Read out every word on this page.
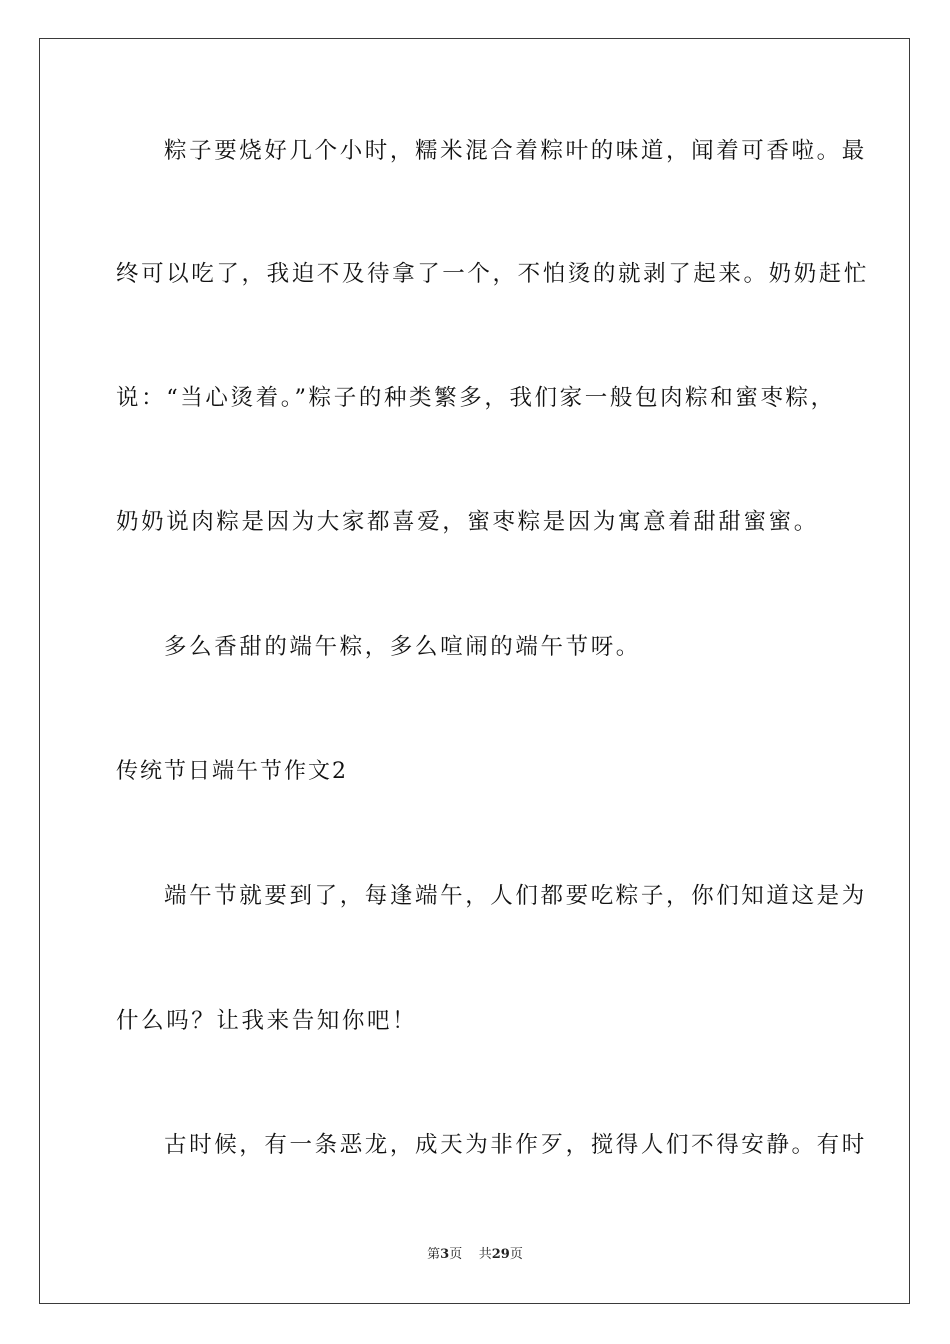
粽子要烧好几个小时，糯米混合着粽叶的味道，闻着可香啦。最
终可以吃了，我迫不及待拿了一个，不怕烫的就剥了起来。奶奶赶忙
说：“当心烫着。”粽子的种类繁多，我们家一般包肉粽和蜜枣粽，
奶奶说肉粽是因为大家都喜爱，蜜枣粽是因为寓意着甜甜蜜蜜。
多么香甜的端午粽，多么喧闹的端午节呀。
传统节日端午节作文2
端午节就要到了，每逢端午，人们都要吃粽子，你们知道这是为
什么吗？让我来告知你吧！
古时候，有一条恶龙，成天为非作歹，搅得人们不得安静。有时
第3页 共29页
